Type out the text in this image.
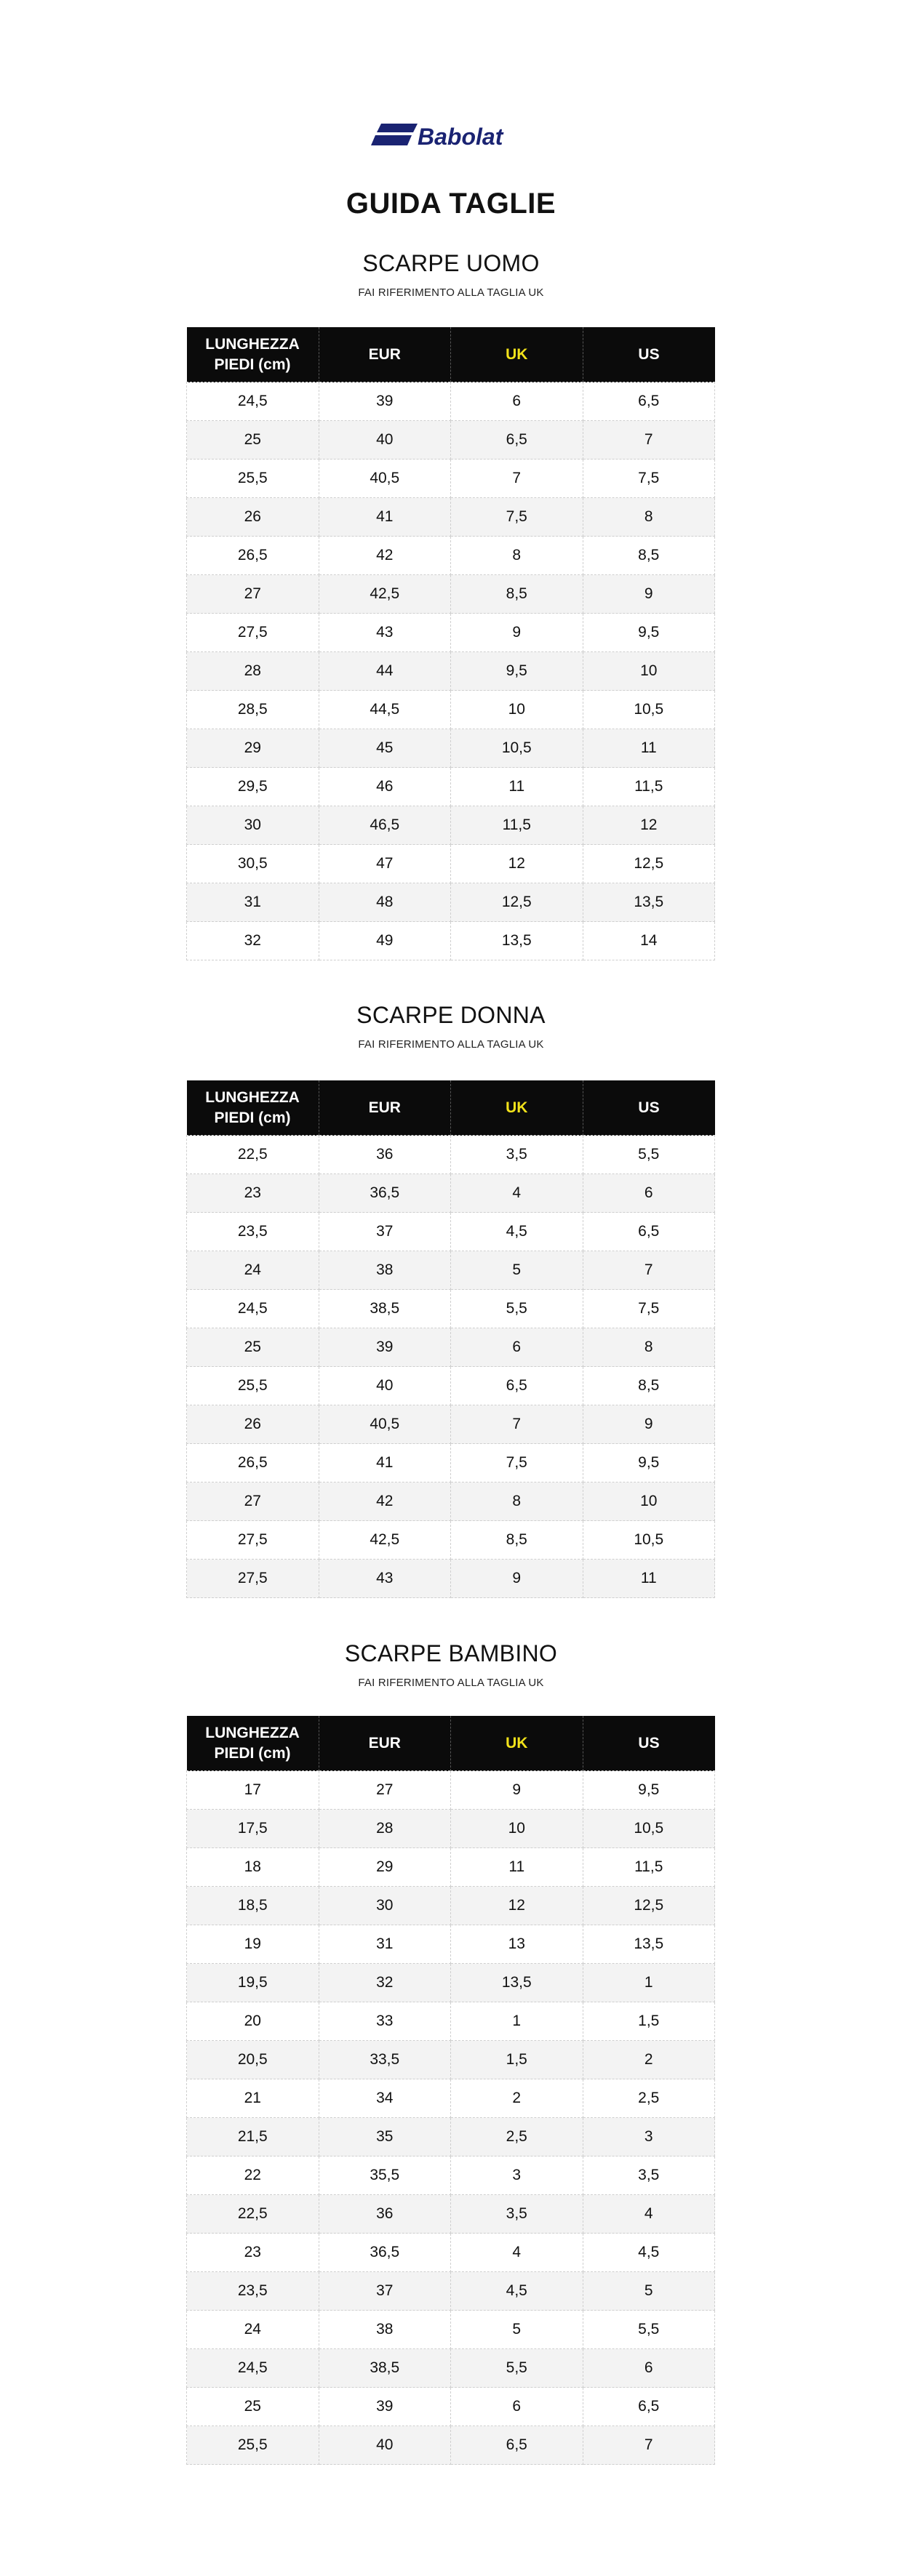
Babolat
GUIDA TAGLIE
SCARPE UOMO
FAI RIFERIMENTO ALLA TAGLIA UK
LUNGHEZZA PIEDI (cm)	EUR	UK	US
24,5	39	6	6,5
25	40	6,5	7
25,5	40,5	7	7,5
26	41	7,5	8
26,5	42	8	8,5
27	42,5	8,5	9
27,5	43	9	9,5
28	44	9,5	10
28,5	44,5	10	10,5
29	45	10,5	11
29,5	46	11	11,5
30	46,5	11,5	12
30,5	47	12	12,5
31	48	12,5	13,5
32	49	13,5	14
SCARPE DONNA
FAI RIFERIMENTO ALLA TAGLIA UK
LUNGHEZZA PIEDI (cm)	EUR	UK	US
22,5	36	3,5	5,5
23	36,5	4	6
23,5	37	4,5	6,5
24	38	5	7
24,5	38,5	5,5	7,5
25	39	6	8
25,5	40	6,5	8,5
26	40,5	7	9
26,5	41	7,5	9,5
27	42	8	10
27,5	42,5	8,5	10,5
27,5	43	9	11
SCARPE BAMBINO
FAI RIFERIMENTO ALLA TAGLIA UK
LUNGHEZZA PIEDI (cm)	EUR	UK	US
17	27	9	9,5
17,5	28	10	10,5
18	29	11	11,5
18,5	30	12	12,5
19	31	13	13,5
19,5	32	13,5	1
20	33	1	1,5
20,5	33,5	1,5	2
21	34	2	2,5
21,5	35	2,5	3
22	35,5	3	3,5
22,5	36	3,5	4
23	36,5	4	4,5
23,5	37	4,5	5
24	38	5	5,5
24,5	38,5	5,5	6
25	39	6	6,5
25,5	40	6,5	7
